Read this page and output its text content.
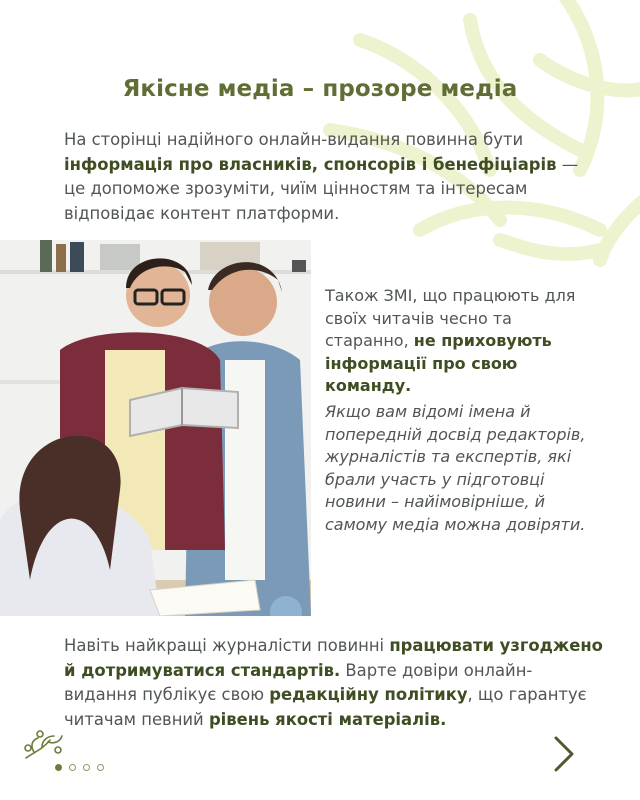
Якісне медіа – прозоре медіа
На сторінці надійного онлайн-видання повинна бути інформація про власників, спонсорів і бенефіціарів — це допоможе зрозуміти, чиїм цінностям та інтересам відповідає контент платформи.
Також ЗМІ, що працюють для своїх читачів чесно та старанно, не приховують інформації про свою команду.
Якщо вам відомі імена й попередній досвід редакторів, журналістів та експертів, які брали участь у підготовці новини – найімовірніше, й самому медіа можна довіряти.
Навіть найкращі журналісти повинні працювати узгоджено й дотримуватися стандартів. Варте довіри онлайн-видання публікує свою редакційну політику, що гарантує читачам певний рівень якості матеріалів.
